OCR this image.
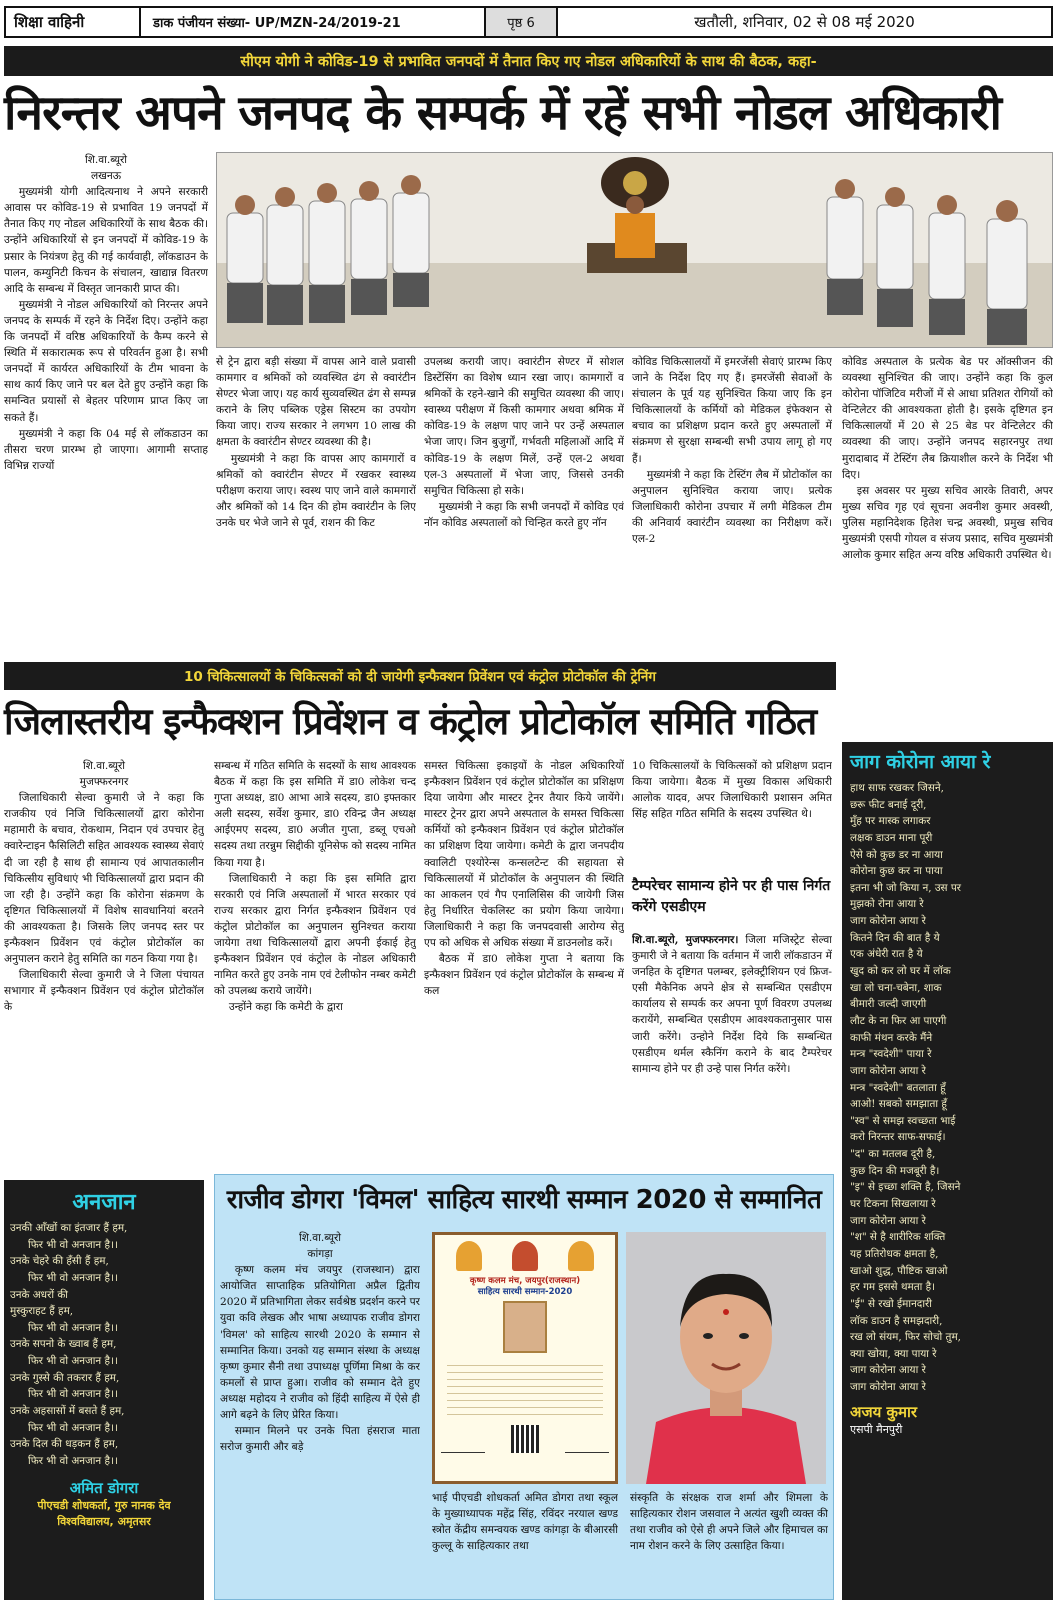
शिक्षा वाहिनी	डाक पंजीयन संख्या- UP/MZN-24/2019-21	पृष्ठ 6	खतौली, शनिवार, 02 से 08 मई 2020
सीएम योगी ने कोविड-19 से प्रभावित जनपदों में तैनात किए गए नोडल अधिकारियों के साथ की बैठक, कहा-
निरन्तर अपने जनपद के सम्पर्क में रहें सभी नोडल अधिकारी
शि.वा.ब्यूरो
लखनऊ

मुख्यमंत्री योगी आदित्यनाथ ने अपने सरकारी आवास पर कोविड-19 से प्रभावित 19 जनपदों में तैनात किए गए नोडल अधिकारियों के साथ बैठक की। उन्होंने अधिकारियों से इन जनपदों में कोविड-19 के प्रसार के नियंत्रण हेतु की गई कार्यवाही, लॉकडाउन के पालन, कम्युनिटी किचन के संचालन, खाद्यान्न वितरण आदि के सम्बन्ध में विस्तृत जानकारी प्राप्त की।

मुख्यमंत्री ने नोडल अधिकारियों को निरन्तर अपने जनपद के सम्पर्क में रहने के निर्देश दिए। उन्होंने कहा कि जनपदों में वरिष्ठ अधिकारियों के कैम्प करने से स्थिति में सकारात्मक रूप से परिवर्तन हुआ है। सभी जनपदों में कार्यरत अधिकारियों के टीम भावना के साथ कार्य किए जाने पर बल देते हुए उन्होंने कहा कि समन्वित प्रयासों से बेहतर परिणाम प्राप्त किए जा सकते हैं।

मुख्यमंत्री ने कहा कि 04 मई से लॉकडाउन का तीसरा चरण प्रारम्भ हो जाएगा। आगामी सप्ताह विभिन्न राज्यों

से ट्रेन द्वारा बड़ी संख्या में वापस आने वाले प्रवासी कामगार व श्रमिकों को व्यवस्थित ढंग से क्वारंटीन सेण्टर भेजा जाए। यह कार्य सुव्यवस्थित ढंग से सम्पन्न कराने के लिए पब्लिक एड्रेस सिस्टम का उपयोग किया जाए। राज्य सरकार ने लगभग 10 लाख की क्षमता के क्वारंटीन सेण्टर व्यवस्था की है।

मुख्यमंत्री ने कहा कि वापस आए कामगारों व श्रमिकों को क्वारंटीन सेण्टर में रखकर स्वास्थ्य परीक्षण कराया जाए। स्वस्थ पाए जाने वाले कामगारों और श्रमिकों को 14 दिन की होम क्वारंटीन के लिए उनके घर भेजे जाने से पूर्व, राशन की किट

उपलब्ध करायी जाए। क्वारंटीन सेण्टर में सोशल डिस्टेंसिंग का विशेष ध्यान रखा जाए। कामगारों व श्रमिकों के रहने-खाने की समुचित व्यवस्था की जाए। स्वास्थ्य परीक्षण में किसी कामगार अथवा श्रमिक में कोविड-19 के लक्षण पाए जाने पर उन्हें अस्पताल भेजा जाए। जिन बुजुर्गों, गर्भवती महिलाओं आदि में कोविड-19 के लक्षण मिलें, उन्हें एल-2 अथवा एल-3 अस्पतालों में भेजा जाए, जिससे उनकी समुचित चिकित्सा हो सके।

मुख्यमंत्री ने कहा कि सभी जनपदों में कोविड एवं नॉन कोविड अस्पतालों को चिन्हित करते हुए नॉन

कोविड चिकित्सालयों में इमरजेंसी सेवाएं प्रारम्भ किए जाने के निर्देश दिए गए हैं। इमरजेंसी सेवाओं के संचालन के पूर्व यह सुनिश्चित किया जाए कि इन चिकित्सालयों के कर्मियों को मेडिकल इंफेक्शन से बचाव का प्रशिक्षण प्रदान करते हुए अस्पतालों में संक्रमण से सुरक्षा सम्बन्धी सभी उपाय लागू हो गए हैं।

मुख्यमंत्री ने कहा कि टेस्टिंग लैब में प्रोटोकॉल का अनुपालन सुनिश्चित कराया जाए। प्रत्येक जिलाधिकारी कोरोना उपचार में लगी मेडिकल टीम की अनिवार्य क्वारंटीन व्यवस्था का निरीक्षण करें। एल-2

कोविड अस्पताल के प्रत्येक बेड पर ऑक्सीजन की व्यवस्था सुनिश्चित की जाए। उन्होंने कहा कि कुल कोरोना पॉजिटिव मरीजों में से आधा प्रतिशत रोगियों को वेन्टिलेटर की आवश्यकता होती है। इसके दृष्टिगत इन चिकित्सालयों में 20 से 25 बेड पर वेन्टिलेटर की व्यवस्था की जाए। उन्होंने जनपद सहारनपुर तथा मुरादाबाद में टेस्टिंग लैब क्रियाशील करने के निर्देश भी दिए।

इस अवसर पर मुख्य सचिव आरके तिवारी, अपर मुख्य सचिव गृह एवं सूचना अवनीश कुमार अवस्थी, पुलिस महानिदेशक हितेश चन्द्र अवस्थी, प्रमुख सचिव मुख्यमंत्री एसपी गोयल व संजय प्रसाद, सचिव मुख्यमंत्री आलोक कुमार सहित अन्य वरिष्ठ अधिकारी उपस्थित थे।

10 चिकित्सालयों के चिकित्सकों को दी जायेगी इन्फैक्शन प्रिवेंशन एवं कंट्रोल प्रोटोकॉल की ट्रेनिंग
जिलास्तरीय इन्फैक्शन प्रिवेंशन व कंट्रोल प्रोटोकॉल समिति गठित
शि.वा.ब्यूरो
मुजफ्फरनगर

जिलाधिकारी सेल्वा कुमारी जे ने कहा कि राजकीय एवं निजि चिकित्सालयों द्वारा कोरोना महामारी के बचाव, रोकथाम, निदान एवं उपचार हेतु क्वारेन्टाइन फैसिलिटी सहित आवश्यक स्वास्थ्य सेवाएं दी जा रही है साथ ही सामान्य एवं आपातकालीन चिकित्सीय सुविधाएं भी चिकित्सालयों द्वारा प्रदान की जा रही है। उन्होंने कहा कि कोरोना संक्रमण के दृष्टिगत चिकित्सालयों में विशेष सावधानियां बरतने की आवश्यकता है। जिसके लिए जनपद स्तर पर इन्फैक्शन प्रिवेंशन एवं कंट्रोल प्रोटोकॉल का अनुपालन कराने हेतु समिति का गठन किया गया है।

जिलाधिकारी सेल्वा कुमारी जे ने जिला पंचायत सभागार में इन्फैक्शन प्रिवेंशन एवं कंट्रोल प्रोटोकॉल के

सम्बन्ध में गठित समिति के सदस्यों के साथ आवश्यक बैठक में कहा कि इस समिति में डा0 लोकेश चन्द गुप्ता अध्यक्ष, डा0 आभा आत्रे सदस्य, डा0 इफ्तकार अली सदस्य, सर्वेश कुमार, डा0 रविन्द्र जैन अध्यक्ष आईएमए सदस्य, डा0 अजीत गुप्ता, डब्लू एचओ सदस्य तथा तरन्नुम सिद्दीकी यूनिसेफ को सदस्य नामित किया गया है।

जिलाधिकारी ने कहा कि इस समिति द्वारा सरकारी एवं निजि अस्पतालों में भारत सरकार एवं राज्य सरकार द्वारा निर्गत इन्फैक्शन प्रिवेंशन एवं कंट्रोल प्रोटोकॉल का अनुपालन सुनिश्चत कराया जायेगा तथा चिकित्सालयों द्वारा अपनी ईकाई हेतु इन्फैक्शन प्रिवेंशन एवं कंट्रोल के नोडल अधिकारी नामित करते हुए उनके नाम एवं टेलीफोन नम्बर कमेटी को उपलब्ध कराये जायेंगे।

उन्होंने कहा कि कमेटी के द्वारा

समस्त चिकित्सा इकाइयों के नोडल अधिकारियों इन्फैक्शन प्रिवेंशन एवं कंट्रोल प्रोटोकॉल का प्रशिक्षण दिया जायेगा और मास्टर ट्रेनर तैयार किये जायेंगे। मास्टर ट्रेनर द्वारा अपने अस्पताल के समस्त चिकित्सा कर्मियों को इन्फैक्शन प्रिवेंशन एवं कंट्रोल प्रोटोकॉल का प्रशिक्षण दिया जायेगा। कमेटी के द्वारा जनपदीय क्वालिटी एश्योरेन्स कन्सलटेन्ट की सहायता से चिकित्सालयों में प्रोटोकॉल के अनुपालन की स्थिति का आकलन एवं गैप एनालिसिस की जायेगी जिस हेतु निर्धारित चेकलिस्ट का प्रयोग किया जायेगा। जिलाधिकारी ने कहा कि जनपदवासी आरोग्य सेतु एप को अधिक से अधिक संख्या में डाउनलोड करें।

बैठक में डा0 लोकेश गुप्ता ने बताया कि इन्फैक्शन प्रिवेंशन एवं कंट्रोल प्रोटोकॉल के सम्बन्ध में कल

10 चिकित्सालयों के चिकित्सकों को प्रशिक्षण प्रदान किया जायेगा। बैठक में मुख्य विकास अधिकारी आलोक यादव, अपर जिलाधिकारी प्रशासन अमित सिंह सहित गठित समिति के सदस्य उपस्थित थे।

टैम्परेचर सामान्य होने पर ही पास निर्गत करेंगे एसडीएम
शि.वा.ब्यूरो, मुजफ्फरनगर। जिला मजिस्ट्रेट सेल्वा कुमारी जे ने बताया कि वर्तमान में जारी लॉकडाउन में जनहित के दृष्टिगत पलम्बर, इलेक्ट्रीशियन एवं फ्रिज-एसी मैकेनिक अपने क्षेत्र से सम्बन्धित एसडीएम कार्यालय से सम्पर्क कर अपना पूर्ण विवरण उपलब्ध करायेंगे, सम्बन्धित एसडीएम आवश्यकतानुसार पास जारी करेंगे। उन्होने निर्देश दिये कि सम्बन्धित एसडीएम थर्मल स्कैनिंग कराने के बाद टैम्परेचर सामान्य होने पर ही उन्हे पास निर्गत करेंगे।
जाग कोरोना आया रे
हाथ साफ रखकर जिसने,
छरू फीट बनाई दूरी,
मुँह पर मास्क लगाकर
लक्षक डाउन माना पूरी
ऐसे को कुछ डर ना आया
कोरोना कुछ कर ना पाया
इतना भी जो किया न, उस पर
मुझको रोना आया रे
जाग कोरोना आया रे
कितने दिन की बात है ये
एक अंधेरी रात है ये
खुद को कर लो घर में लॉक
खा लो चना-चबेना, शाक
बीमारी जल्दी जाएगी
लौट के ना फिर आ पाएगी
काफी मंथन करके मैंने
मन्त्र "स्वदेशी" पाया रे
जाग कोरोना आया रे
मन्त्र "स्वदेशी" बतलाता हूँ
आओ! सबको समझाता हूँ
"स्व" से समझ स्वच्छता भाई
करो निरन्तर साफ-सफाई।
"द" का मतलब दूरी है,
कुछ दिन की मजबूरी है।
"इ" से इच्छा शक्ति है, जिसने
घर टिकना सिखलाया रे
जाग कोरोना आया रे
"श" से है शारीरिक शक्ति
यह प्रतिरोधक क्षमता है,
खाओ शुद्ध, पौष्टिक खाओ
हर गम इससे थमता है।
"ई" से रखो ईमानदारी
लॉक डाउन है समझदारी,
रख लो संयम, फिर सोचो तुम,
क्या खोया, क्या पाया रे
जाग कोरोना आया रे
जाग कोरोना आया रे
अजय कुमार
एसपी मैनपुरी
अनजान
उनकी आँखों का इंतजार हैं हम,
फिर भी वो अनजान है।।
उनके चेहरे की हँसी हैं हम,
फिर भी वो अनजान है।।
उनके अधरों की
मुस्कुराहट हैं हम,
फिर भी वो अनजान है।।
उनके सपनो के ख्वाब हैं हम,
फिर भी वो अनजान है।।
उनके गुस्से की तकरार हैं हम,
फिर भी वो अनजान है।।
उनके अहसासों में बसते हैं हम,
फिर भी वो अनजान है।।
उनके दिल की धड़कन हैं हम,
फिर भी वो अनजान है।।
अमित डोगरा
पीएचडी शोधकर्ता, गुरु नानक देव विश्वविद्यालय, अमृतसर
राजीव डोगरा 'विमल' साहित्य सारथी सम्मान 2020 से सम्मानित
शि.वा.ब्यूरो
कांगड़ा

कृष्ण कलम मंच जयपुर (राजस्थान) द्वारा आयोजित साप्ताहिक प्रतियोगिता अप्रैल द्वितीय 2020 में प्रतिभागिता लेकर सर्वश्रेष्ठ प्रदर्शन करने पर युवा कवि लेखक और भाषा अध्यापक राजीव डोगरा 'विमल' को साहित्य सारथी 2020 के सम्मान से सम्मानित किया। उनको यह सम्मान संस्था के अध्यक्ष कृष्ण कुमार सैनी तथा उपाध्यक्ष पूर्णिमा मिश्रा के कर कमलों से प्राप्त हुआ। राजीव को सम्मान देते हुए अध्यक्ष महोदय ने राजीव को हिंदी साहित्य में ऐसे ही आगे बढ़ने के लिए प्रेरित किया।

सम्मान मिलने पर उनके पिता हंसराज माता सरोज कुमारी और बड़े

कृष्ण कलम मंच, जयपुर(राजस्थान)
साहित्य सारथी सम्मान-2020

भाई पीएचडी शोधकर्ता अमित डोगरा तथा स्कूल के मुख्याध्यापक महेंद्र सिंह, रविंदर नरयाल खण्ड स्त्रोत केंद्रीय समन्वयक खण्ड कांगड़ा के बीआरसी कुल्लू के साहित्यकार तथा

संस्कृति के संरक्षक राज शर्मा और शिमला के साहित्यकार रोशन जसवाल ने अत्यंत खुशी व्यक्त की तथा राजीव को ऐसे ही अपने जिले और हिमाचल का नाम रोशन करने के लिए उत्साहित किया।
